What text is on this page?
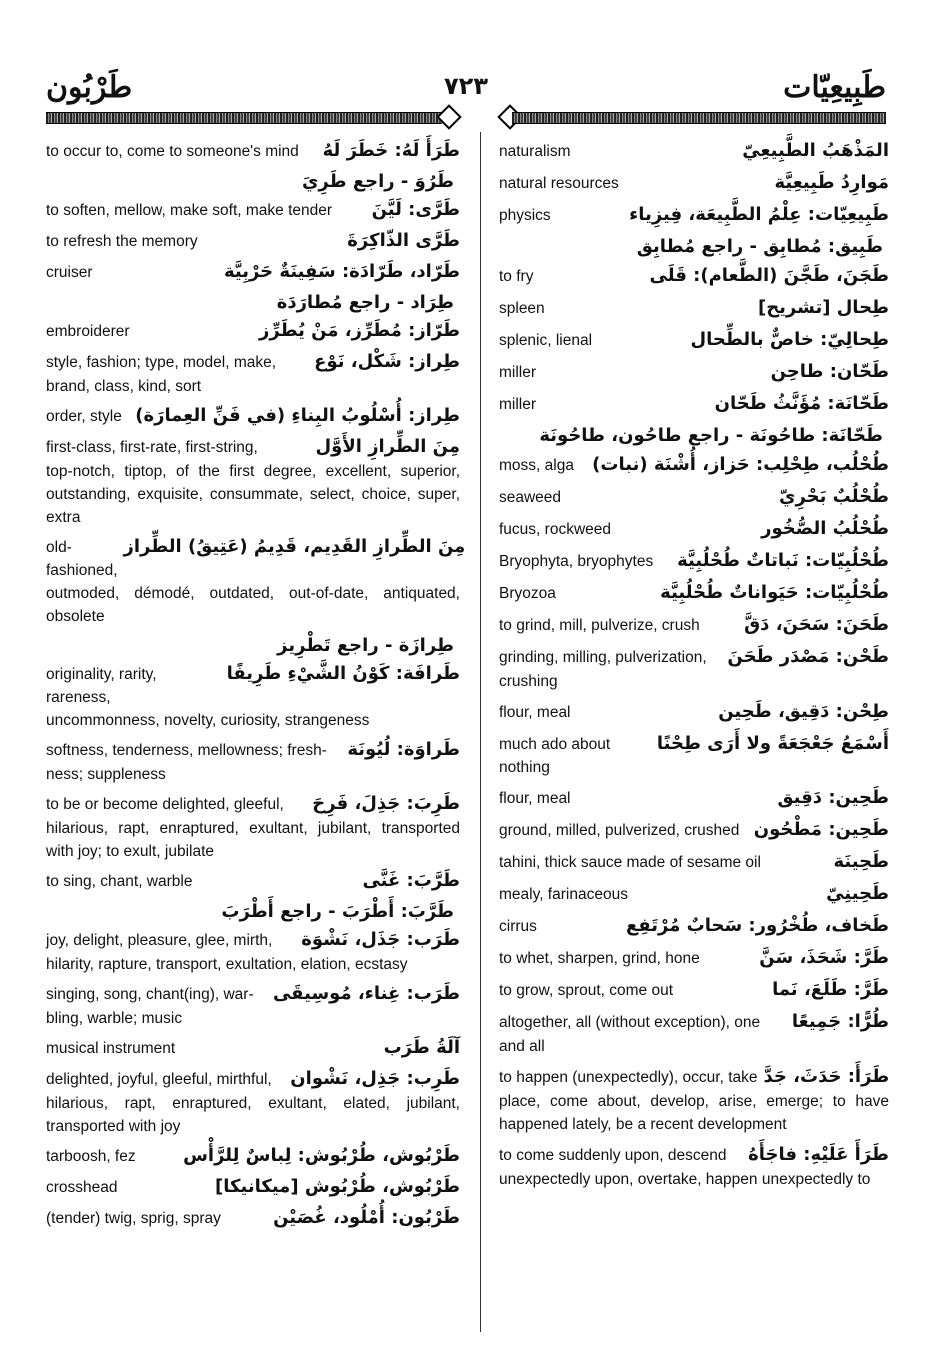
طَرْبُون	٧٢٣	طَبِيعِيّات
to occur to, come to someone's mind طَرَأَ لَهُ: خَطَرَ لَهُ
طَرُوَ - راجع طَرِيَ
to soften, mellow, make soft, make tender طَرَّى: لَيَّنَ
to refresh the memory	طَرَّى الذّاكِرَةَ
cruiser	طَرّاد، طَرّادَة: سَفِينَةٌ حَرْبِيَّة
طِرَاد - راجع مُطارَدَة
embroiderer	طَرّاز: مُطَرِّز، مَنْ يُطَرِّز
style, fashion; type, model, make, طِراز: شَكْل، نَوْع
brand, class, kind, sort
order, style طِراز: أُسْلُوبُ البِناءِ (في فَنِّ العِمارَة)
first-class, first-rate, first-string,	مِنَ الطِّرازِ الأَوَّل
top-notch, tiptop, of the first degree, excellent, superior, outstanding, exquisite, consummate, select, choice, super, extra
old-fashioned,
مِنَ الطِّرازِ القَدِيم، قَدِيمُ (عَتِيقُ) الطِّراز
outmoded, démodé, outdated, out-of-date, antiquated, obsolete
طِرازَة - راجع تَطْرِيز
originality, rarity, rareness,
طَرافَة: كَوْنُ الشَّيْءِ طَرِيفًا
uncommonness, novelty, curiosity, strangeness
softness, tenderness, mellowness; fresh- طَراوَة: لُيُونَة
ness; suppleness
to be or become delighted, gleeful, طَرِبَ: جَذِلَ، فَرِحَ
hilarious, rapt, enraptured, exultant, jubilant, transported with joy; to exult, jubilate
to sing, chant, warble	طَرَّبَ: غَنَّى
طَرَّبَ: أَطْرَبَ - راجع أَطْرَبَ
joy, delight, pleasure, glee, mirth, طَرَب: جَذَل، نَشْوَة
hilarity, rapture, transport, exultation, elation, ecstasy
singing, song, chant(ing), war- طَرَب: غِناء، مُوسِيقَى
bling, warble; music
musical instrument	آلَةُ طَرَب
delighted, joyful, gleeful, mirthful, طَرِب: جَذِل، نَشْوان
hilarious, rapt, enraptured, exultant, elated, jubilant, transported with joy
tarboosh, fez	طَرْبُوش، طُرْبُوش: لِباسٌ لِلرَّأْس
crosshead	طَرْبُوش، طُرْبُوش [ميكانيكا]
(tender) twig, sprig, spray	طَرْبُون: أُمْلُود، غُصَيْن
naturalism	المَذْهَبُ الطَّبِيعِيّ
natural resources	مَوارِدُ طَبِيعِيَّة
physics	طَبِيعِيّات: عِلْمُ الطَّبِيعَة، فِيزِياء
طَبِيق: مُطابِق - راجع مُطابِق
to fry	طَجَنَ، طَجَّنَ (الطَّعام): قَلَى
spleen	طِحال [تشريح]
splenic, lienal	طِحالِيّ: خاصٌّ بالطِّحال
miller	طَحّان: طاحِن
miller	طَحّانَة: مُؤَنَّثُ طَحّان
طَحّانَة: طاحُونَة - راجع طاحُون، طاحُونَة
moss, alga طُحْلُب، طِحْلِب: حَزاز، أُشْنَة (نبات)
seaweed	طُحْلُبٌ بَحْرِيّ
fucus, rockweed	طُحْلُبُ الصُّخُور
Bryophyta, bryophytes طُحْلُبِيّات: نَباتاتٌ طُحْلُبِيَّة
Bryozoa	طُحْلُبِيّات: حَيَواناتٌ طُحْلُبِيَّة
to grind, mill, pulverize, crush طَحَنَ: سَحَنَ، دَقَّ
grinding, milling, pulverization, طَحْن: مَصْدَر طَحَنَ
crushing
flour, meal	طِحْن: دَقِيق، طَحِين
much ado about nothing
أَسْمَعُ جَعْجَعَةً ولا أَرَى طِحْنًا
flour, meal	طَحِين: دَقِيق
ground, milled, pulverized, crushed طَحِين: مَطْحُون
tahini, thick sauce made of sesame oil	طَحِينَة
mealy, farinaceous	طَحِينِيّ
cirrus	طَخاف، طُخْرُور: سَحابٌ مُرْتَفِع
to whet, sharpen, grind, hone	طَرَّ: شَحَذَ، سَنَّ
to grow, sprout, come out	طَرَّ: طَلَعَ، نَما
altogether, all (without exception), one طُرًّا: جَمِيعًا
and all
to happen (unexpectedly), occur, take طَرَأَ: حَدَثَ، جَدَّ
place, come about, develop, arise, emerge; to have happened lately, be a recent development
to come suddenly upon, descend طَرَأَ عَلَيْهِ: فاجَأَهُ
unexpectedly upon, overtake, happen unexpectedly to
